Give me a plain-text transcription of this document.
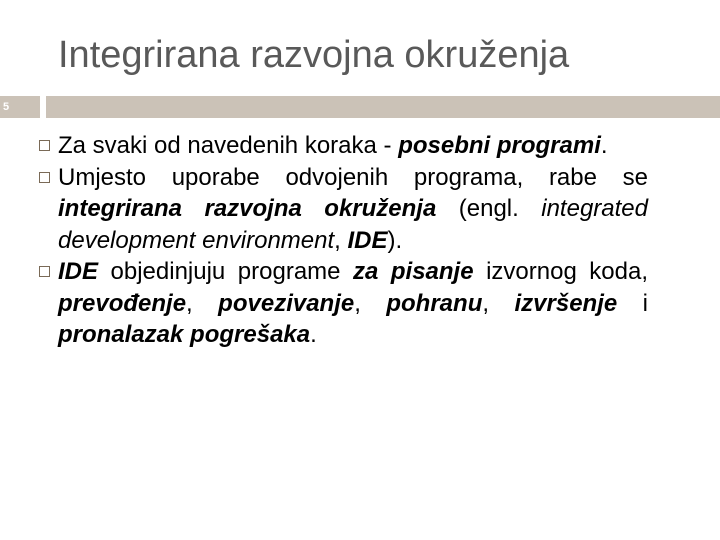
Integrirana razvojna okruženja
5
Za svaki od navedenih koraka - posebni programi.
Umjesto uporabe odvojenih programa, rabe se integrirana razvojna okruženja (engl. integrated development environment, IDE).
IDE objedinjuju programe za pisanje izvornog koda, prevođenje, povezivanje, pohranu, izvršenje i pronalazak pogrešaka.
